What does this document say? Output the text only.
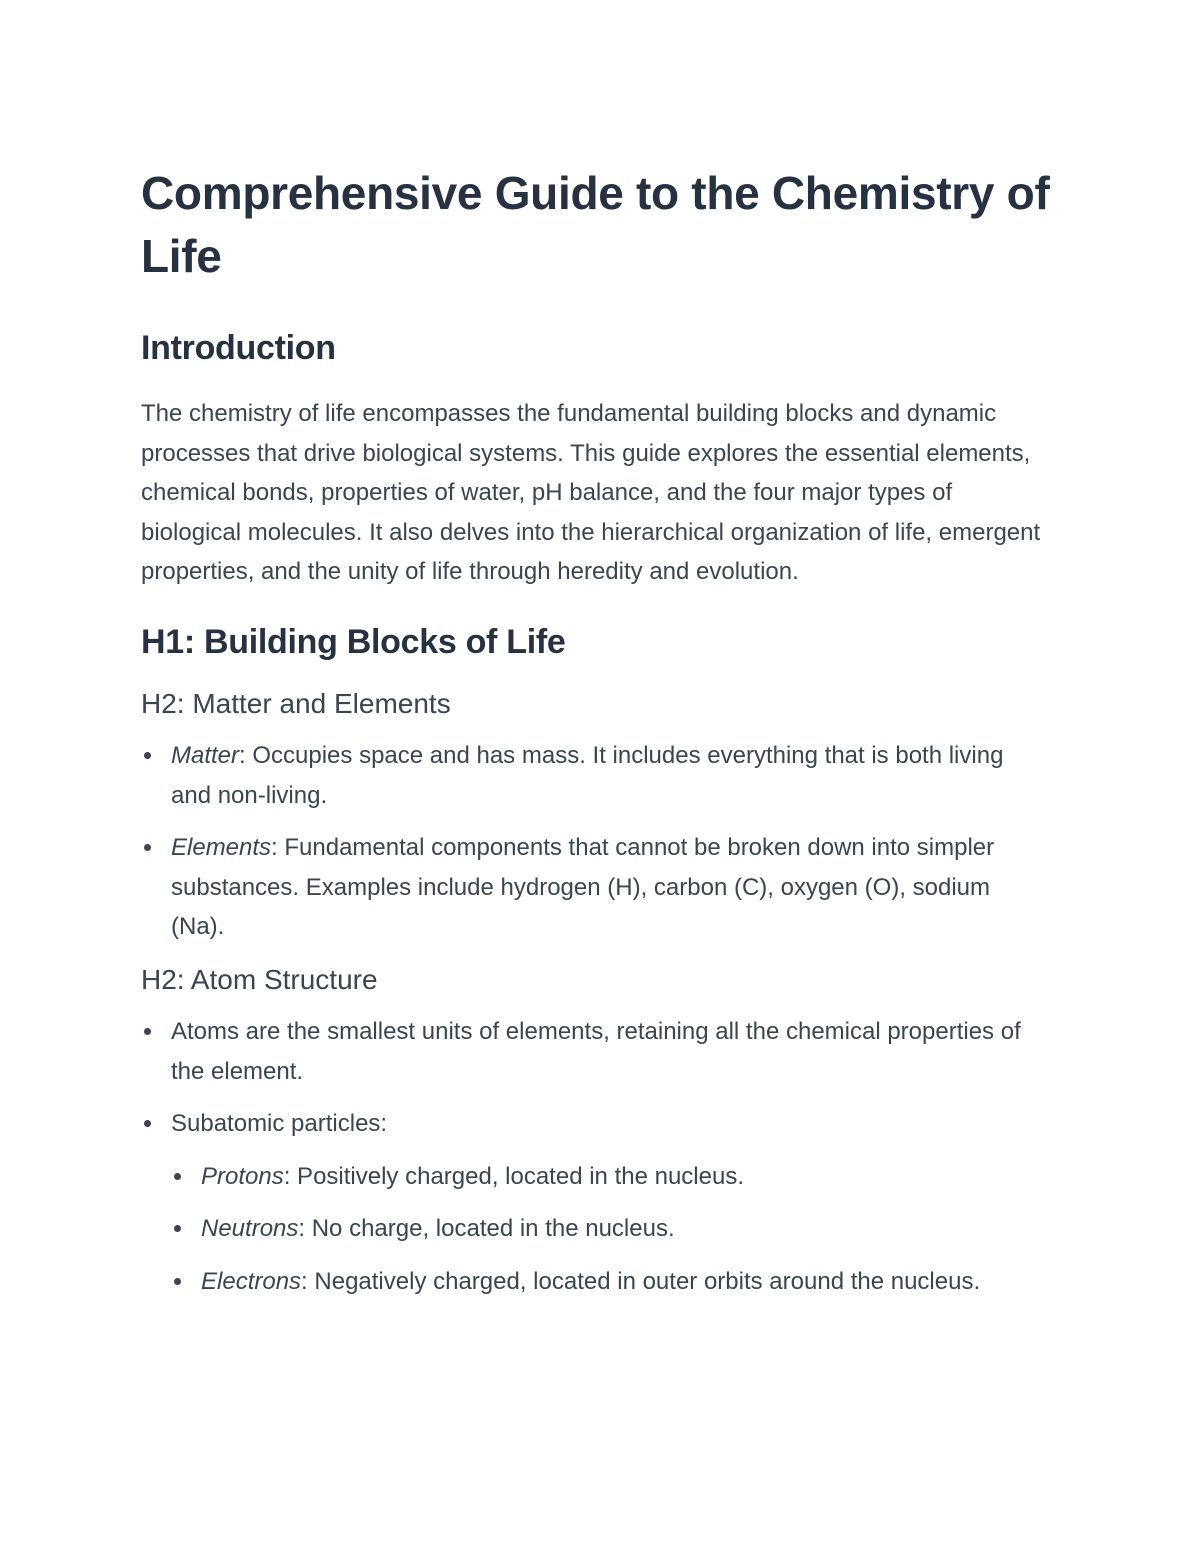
Comprehensive Guide to the Chemistry of Life
Introduction

The chemistry of life encompasses the fundamental building blocks and dynamic processes that drive biological systems. This guide explores the essential elements, chemical bonds, properties of water, pH balance, and the four major types of biological molecules. It also delves into the hierarchical organization of life, emergent properties, and the unity of life through heredity and evolution.

H1: Building Blocks of Life
H2: Matter and Elements
Matter: Occupies space and has mass. It includes everything that is both living and non-living.
Elements: Fundamental components that cannot be broken down into simpler substances. Examples include hydrogen (H), carbon (C), oxygen (O), sodium (Na).
H2: Atom Structure
Atoms are the smallest units of elements, retaining all the chemical properties of the element.
Subatomic particles:
Protons: Positively charged, located in the nucleus.
Neutrons: No charge, located in the nucleus.
Electrons: Negatively charged, located in outer orbits around the nucleus.
